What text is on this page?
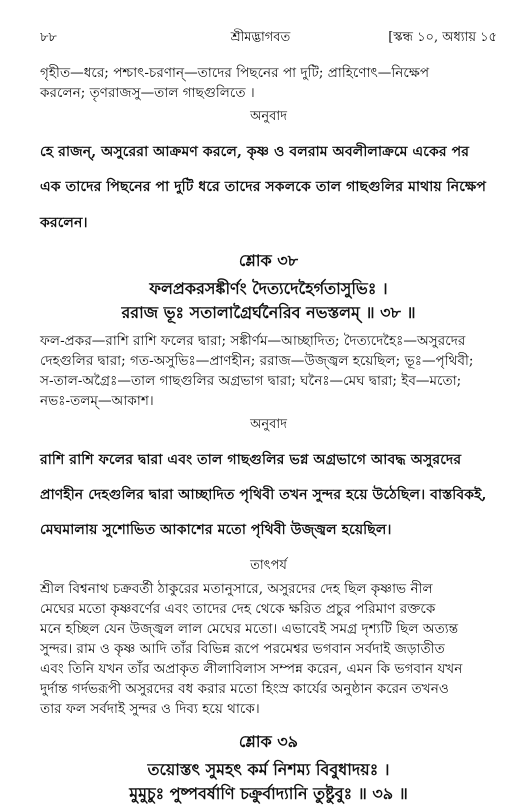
৮৮	শ্রীমদ্ভাগবত	[স্কন্ধ ১০, অধ্যায় ১৫

গৃহীত—ধরে; পশ্চাৎ-চরণান্—তাদের পিছনের পা দুটি; প্রাহিণোৎ—নিক্ষেপ

করলেন; তৃণরাজসু—তাল গাছগুলিতে ।

অনুবাদ

হে রাজন্, অসুরেরা আক্রমণ করলে, কৃষ্ণ ও বলরাম অবলীলাক্রমে একের পর

এক তাদের পিছনের পা দুটি ধরে তাদের সকলকে তাল গাছগুলির মাথায় নিক্ষেপ

করলেন।

শ্লোক ৩৮

ফলপ্রকরসঙ্কীর্ণং দৈত্যদেহৈর্গতাসুভিঃ ।

ররাজ ভূঃ সতালাগ্রৈর্ঘনৈরিব নভস্তলম্ ॥ ৩৮ ॥

ফল-প্রকর—রাশি রাশি ফলের দ্বারা; সঙ্কীর্ণম—আচ্ছাদিত; দৈত্যদেহৈঃ—অসুরদের

দেহগুলির দ্বারা; গত-অসুভিঃ—প্রাণহীন; ররাজ—উজ্জ্বল হয়েছিল; ভূঃ—পৃথিবী;

স-তাল-অগ্রৈঃ—তাল গাছগুলির অগ্রভাগ দ্বারা; ঘনৈঃ—মেঘ দ্বারা; ইব—মতো;

নভঃ-তলম্—আকাশ।

অনুবাদ

রাশি রাশি ফলের দ্বারা এবং তাল গাছগুলির ভগ্ন অগ্রভাগে আবদ্ধ অসুরদের

প্রাণহীন দেহগুলির দ্বারা আচ্ছাদিত পৃথিবী তখন সুন্দর হয়ে উঠেছিল। বাস্তবিকই,

মেঘমালায় সুশোভিত আকাশের মতো পৃথিবী উজ্জ্বল হয়েছিল।

তাৎপর্য

শ্রীল বিশ্বনাথ চক্রবর্তী ঠাকুরের মতানুসারে, অসুরদের দেহ ছিল কৃষ্ণাভ নীল

মেঘের মতো কৃষ্ণবর্ণের এবং তাদের দেহ থেকে ক্ষরিত প্রচুর পরিমাণ রক্তকে

মনে হচ্ছিল যেন উজ্জ্বল লাল মেঘের মতো। এভাবেই সমগ্র দৃশ্যটি ছিল অত্যন্ত

সুন্দর। রাম ও কৃষ্ণ আদি তাঁর বিভিন্ন রূপে পরমেশ্বর ভগবান সর্বদাই জড়াতীত

এবং তিনি যখন তাঁর অপ্রাকৃত লীলাবিলাস সম্পন্ন করেন, এমন কি ভগবান যখন

দুর্দান্ত গর্দভরূপী অসুরদের বধ করার মতো হিংস্র কার্যের অনুষ্ঠান করেন তখনও

তার ফল সর্বদাই সুন্দর ও দিব্য হয়ে থাকে।

শ্লোক ৩৯

তয়োস্তৎ সুমহৎ কর্ম নিশম্য বিবুধাদয়ঃ ।

মুমুচুঃ পুষ্পবর্ষাণি চক্রুর্বাদ্যানি তুষ্টুবুঃ ॥ ৩৯ ॥
